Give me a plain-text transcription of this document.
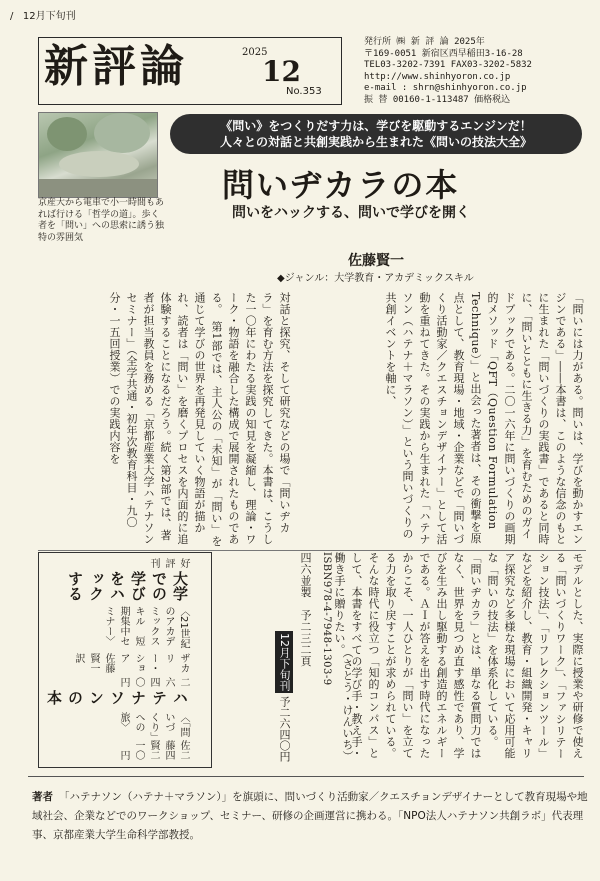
/   12月下旬刊
新評論	2025
12
No.353
発行所 ㈱ 新 評 論 2025年
〒169-0051 新宿区西早稲田3-16-28
TEL03-3202-7391 FAX03-3202-5832
http://www.shinhyoron.co.jp
e-mail : shrn@shinhyoron.co.jp
振 替 00160-1-113487 価格税込
京産大から電車で小一時間もあれば行ける「哲学の道」。歩く者を「問い」への思索に誘う独特の雰囲気
《問い》をつくりだす力は、学びを駆動するエンジンだ！
人々との対話と共創実践から生まれた《問いの技法大全》
問いヂカラの本
問いをハックする、問いで学びを開く
佐藤賢一
◆ジャンル：大学教育・アカデミックスキル
「問いには力がある。問いは、学びを動かすエンジンである」――本書は、このような信念のもとに生まれた「問いづくりの実践書」であると同時に、「問いとともに生きる力」を育むためのガイドブックである。二〇一六年に問いづくりの画期的メソッド「QFT（Question Formulation Technique）」と出会った著者は、その衝撃を原点として、教育現場・地域・企業などで「問いづくり活動家／クエスチョンデザイナー」として活動を重ねてきた。その実践から生まれた「ハテナソン（ハテナ＋マラソン）」という問いづくりの共創イベントを軸に、
対話と探究、そして研究などの場で「問いヂカラ」を育む方法を探究してきた。本書は、こうした一〇年にわたる実践の知見を凝縮し、理論・ワーク・物語を融合した構成で展開されたものである。　第1部では、主人公の「未知」が「問い」を通じて学びの世界を再発見していく物語が描かれ、読者は「問い」を磨くプロセスを内面的に追体験することになるだろう。続く第2部では、著者が担当教員を務める「京都産業大学ハテナソンセミナー」（全学共通・初年次教育科目・九〇分・一五回授業）での実践内容を
モデルとした、実際に授業や研修で使える「問いづくりワーク」、「ファシリテーション技法」、「リフレクションツール」などを紹介し、教育・組織開発・キャリア探究など多様な現場において応用可能な「問いの技法」を体系化している。　「問いヂカラ」とは、単なる質問力ではなく、世界を見つめ直す感性であり、学びを生み出し駆動する創造的エネルギーである。ＡＩが答えを出す時代になったからこそ、一人ひとりが「問い」を立てる力を取り戻すことが求められている。そんな時代に役立つ「知的コンパス」として、本書をすべての学び手・教え手・働き手に贈りたい。
（さとう・けんいち）
ISBN978-4-7948-1303-9
四六並製　予二三二頁
12月下旬刊
予二六四〇円
好 評 刊
大学での学びをハックする
〈21世紀のアカデミックスキル　短期集中セミナー〉
ザカリー・ショア　佐藤賢一 訳
二六四〇円
ハテナソンの本
〈「問いづくり」への旅〉
佐藤賢一
二四二〇円
著者 「ハテナソン（ハテナ＋マラソン）」を旗頭に、問いづくり活動家／クエスチョンデザイナーとして教育現場や地域社会、企業などでのワークショップ、セミナー、研修の企画運営に携わる。「NPO法人ハテナソン共創ラボ」代表理事、京都産業大学生命科学部教授。
